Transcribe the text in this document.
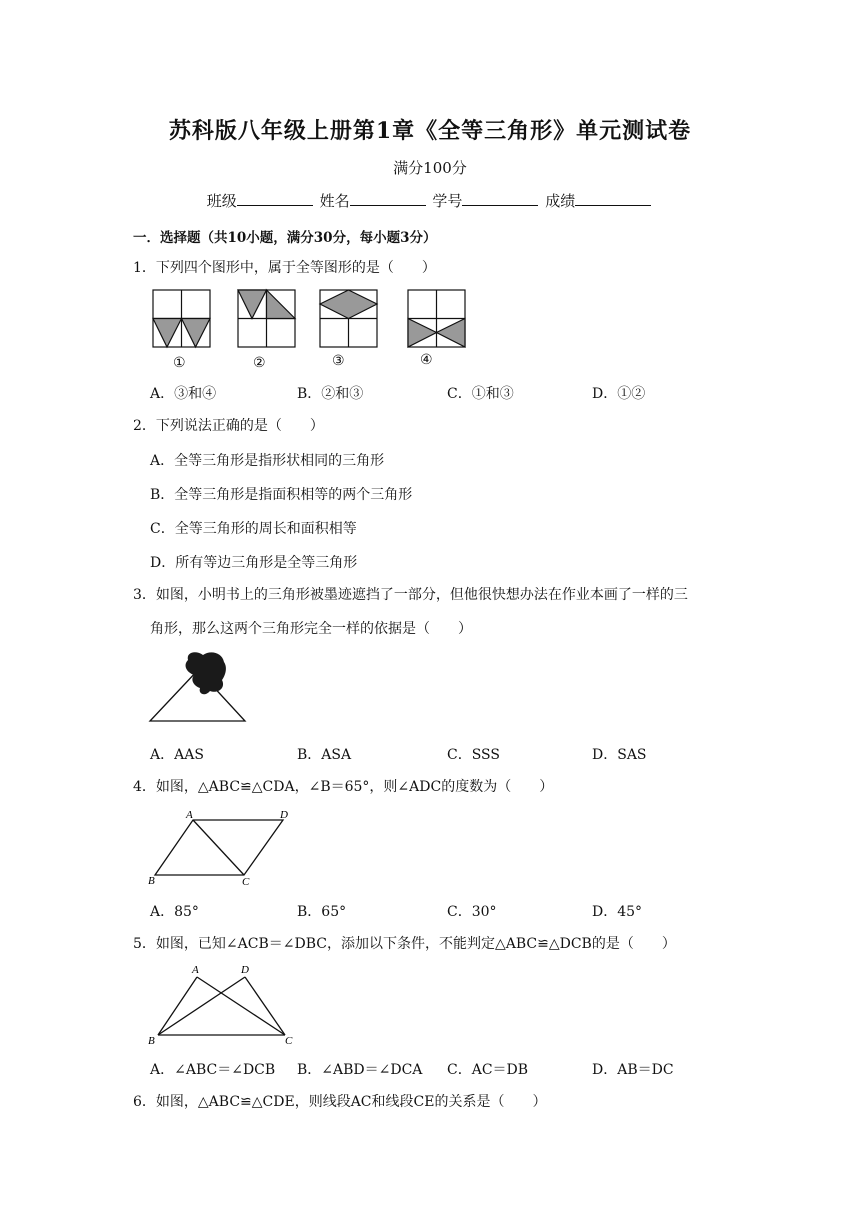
苏科版八年级上册第1章《全等三角形》单元测试卷
满分100分
班级	姓名	学号	成绩
一．选择题（共10小题，满分30分，每小题3分）
1．下列四个图形中，属于全等图形的是（　　）
①	②	③	④
A．③和④	B．②和③	C．①和③	D．①②
2．下列说法正确的是（　　）
A．全等三角形是指形状相同的三角形
B．全等三角形是指面积相等的两个三角形
C．全等三角形的周长和面积相等
D．所有等边三角形是全等三角形
3．如图，小明书上的三角形被墨迹遮挡了一部分，但他很快想办法在作业本画了一样的三
角形，那么这两个三角形完全一样的依据是（　　）
A．AAS	B．ASA	C．SSS	D．SAS
4．如图，△ABC≌△CDA，∠B＝65°，则∠ADC的度数为（　　）
A	D
B	C
A．85°	B．65°	C．30°	D．45°
5．如图，已知∠ACB＝∠DBC，添加以下条件，不能判定△ABC≌△DCB的是（　　）
A	D
B	C
A．∠ABC＝∠DCB B．∠ABD＝∠DCA C．AC＝DB	D．AB＝DC
6．如图，△ABC≌△CDE，则线段AC和线段CE的关系是（　　）
